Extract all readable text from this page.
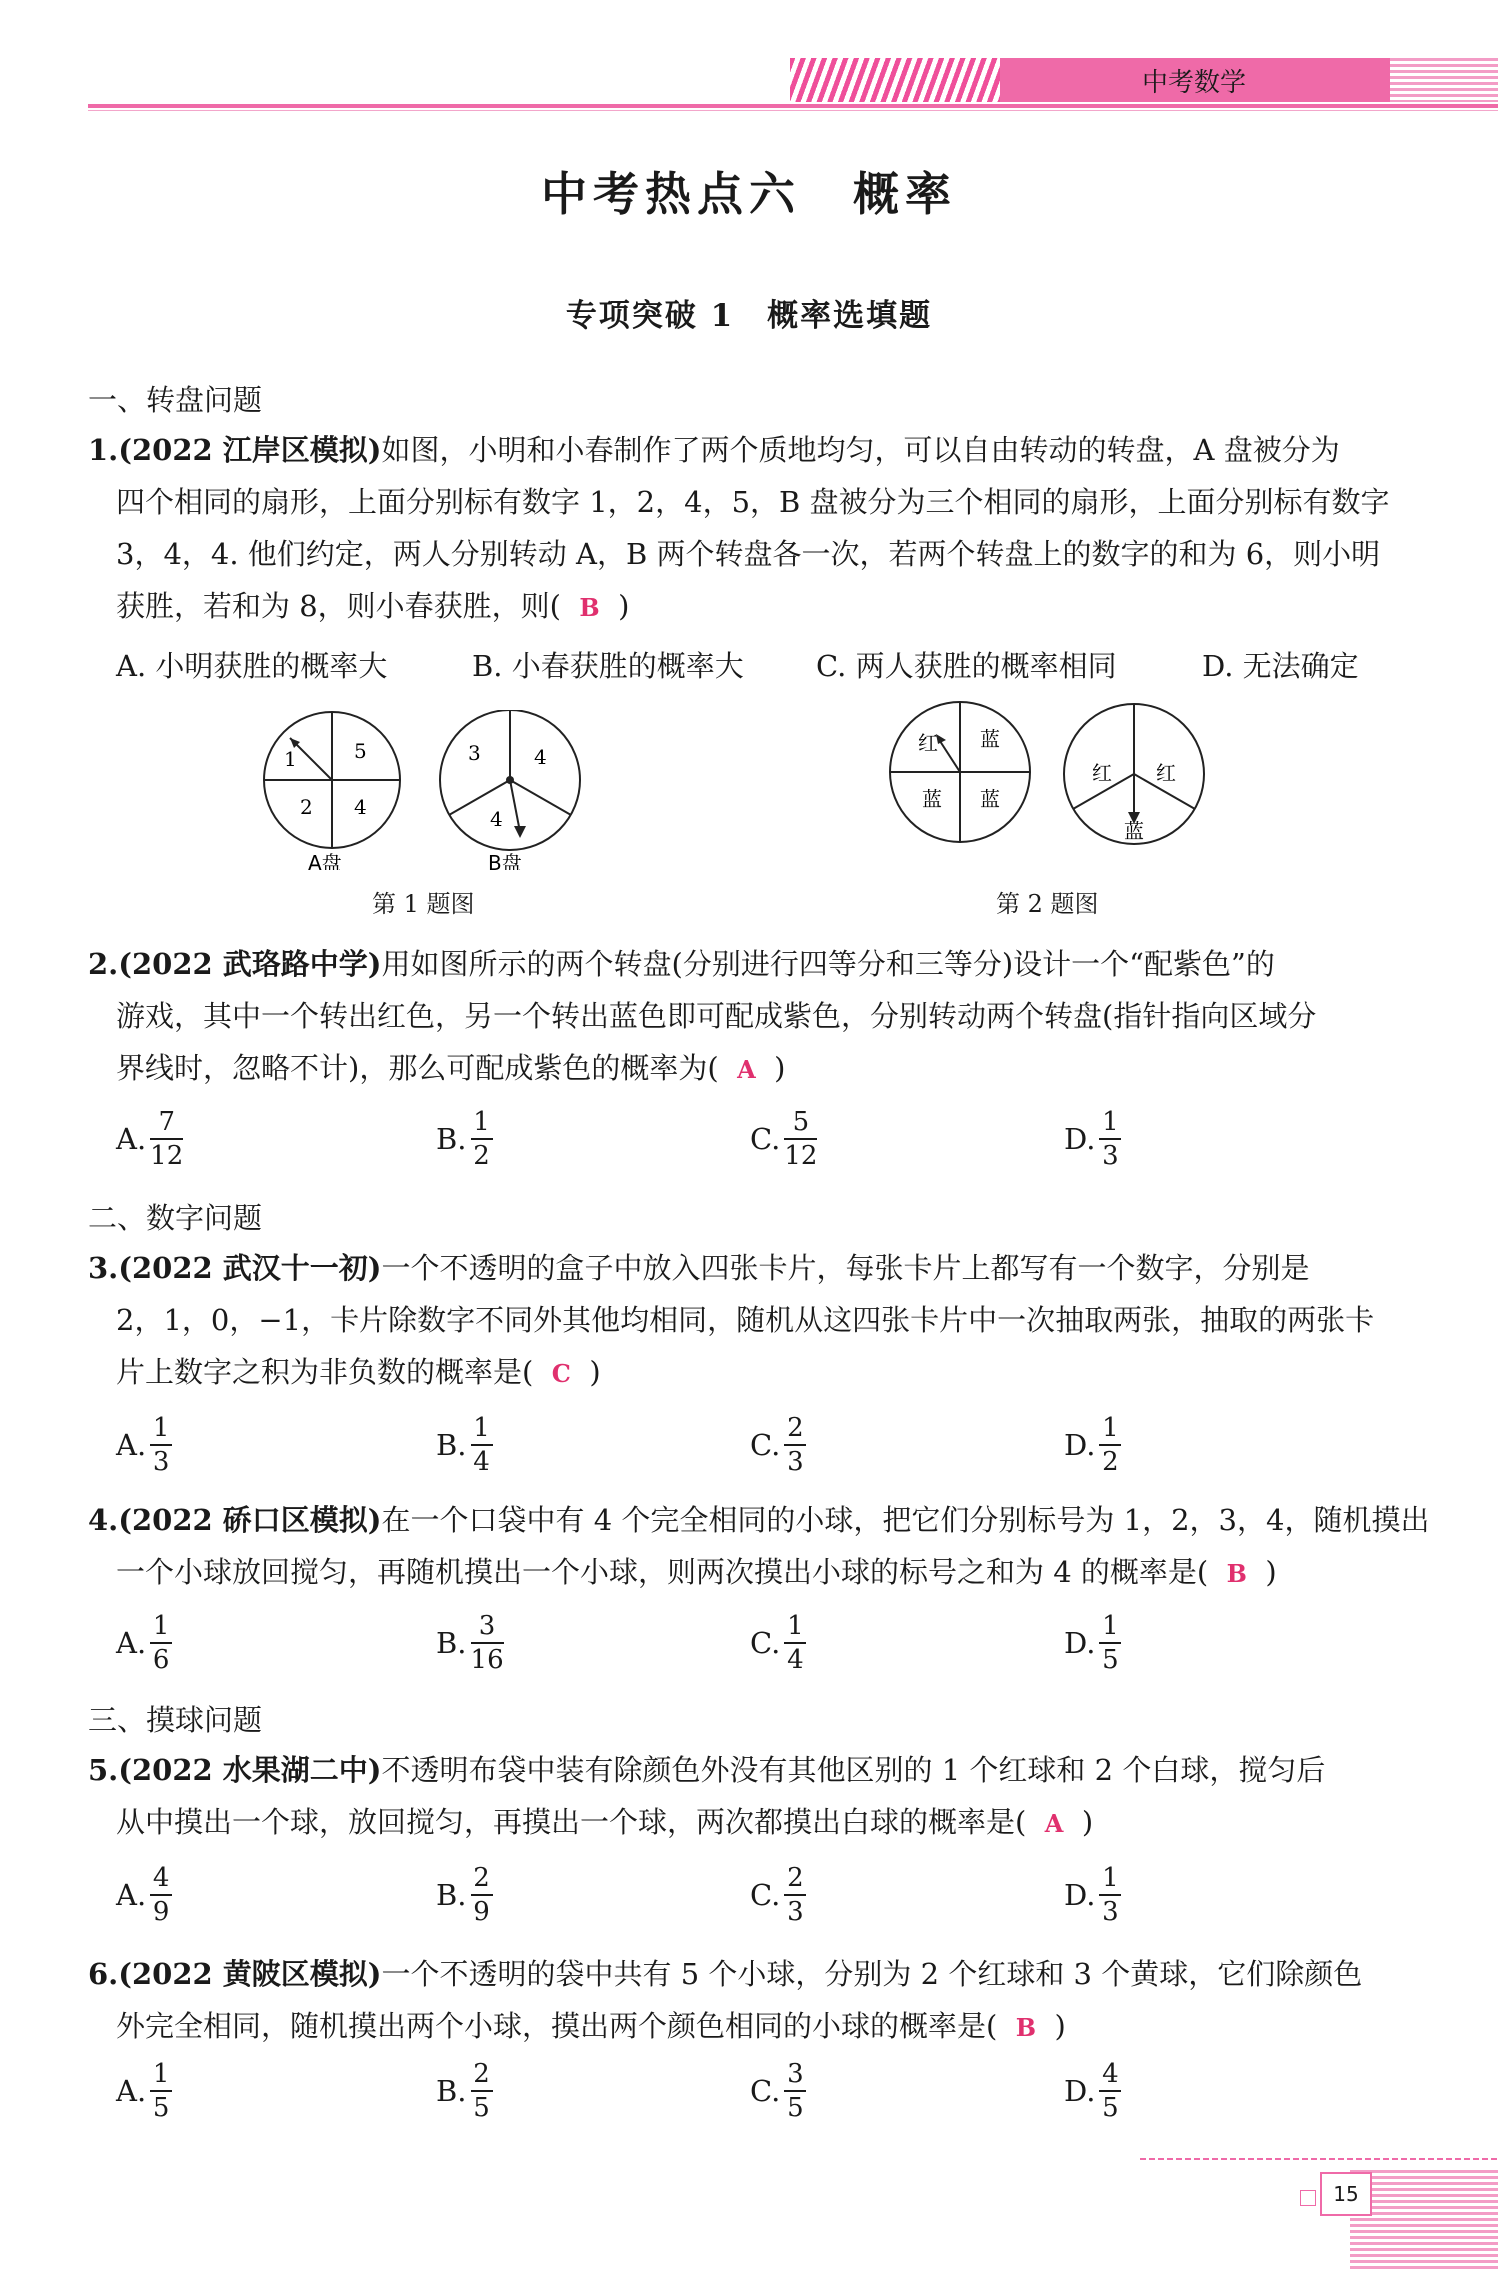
中考数学
中考热点六　概率
专项突破 1　概率选填题
一、转盘问题
1.(2022 江岸区模拟)如图，小明和小春制作了两个质地均匀，可以自由转动的转盘，A 盘被分为
四个相同的扇形，上面分别标有数字 1，2，4，5，B 盘被分为三个相同的扇形，上面分别标有数字
3，4，4. 他们约定，两人分别转动 A，B 两个转盘各一次，若两个转盘上的数字的和为 6，则小明
获胜，若和为 8，则小春获胜，则( B )
A. 小明获胜的概率大	B. 小春获胜的概率大 C. 两人获胜的概率相同	D. 无法确定
1	5
2 4
A盘
3	4
4
B盘
第 1 题图
红 蓝
蓝 蓝
红 红
蓝
第 2 题图
2.(2022 武珞路中学)用如图所示的两个转盘(分别进行四等分和三等分)设计一个“配紫色”的
游戏，其中一个转出红色，另一个转出蓝色即可配成紫色，分别转动两个转盘(指针指向区域分
界线时，忽略不计)，那么可配成紫色的概率为( A )
A. $\frac{7}{12}$	B. $\frac{1}{2}$	C. $\frac{5}{12}$	D. $\frac{1}{3}$
二、数字问题
3.(2022 武汉十一初)一个不透明的盒子中放入四张卡片，每张卡片上都写有一个数字，分别是
2，1，0，−1，卡片除数字不同外其他均相同，随机从这四张卡片中一次抽取两张，抽取的两张卡
片上数字之积为非负数的概率是( C )
A. $\frac{1}{3}$	B. $\frac{1}{4}$	C. $\frac{2}{3}$	D. $\frac{1}{2}$
4.(2022 硚口区模拟)在一个口袋中有 4 个完全相同的小球，把它们分别标号为 1，2，3，4，随机摸出
一个小球放回搅匀，再随机摸出一个小球，则两次摸出小球的标号之和为 4 的概率是( B )
A. $\frac{1}{6}$	B. $\frac{3}{16}$	C. $\frac{1}{4}$	D. $\frac{1}{5}$
三、摸球问题
5.(2022 水果湖二中)不透明布袋中装有除颜色外没有其他区别的 1 个红球和 2 个白球，搅匀后
从中摸出一个球，放回搅匀，再摸出一个球，两次都摸出白球的概率是( A )
A. $\frac{4}{9}$	B. $\frac{2}{9}$	C. $\frac{2}{3}$	D. $\frac{1}{3}$
6.(2022 黄陂区模拟)一个不透明的袋中共有 5 个小球，分别为 2 个红球和 3 个黄球，它们除颜色
外完全相同，随机摸出两个小球，摸出两个颜色相同的小球的概率是( B )
A. $\frac{1}{5}$	B. $\frac{2}{5}$	C. $\frac{3}{5}$	D. $\frac{4}{5}$
15
